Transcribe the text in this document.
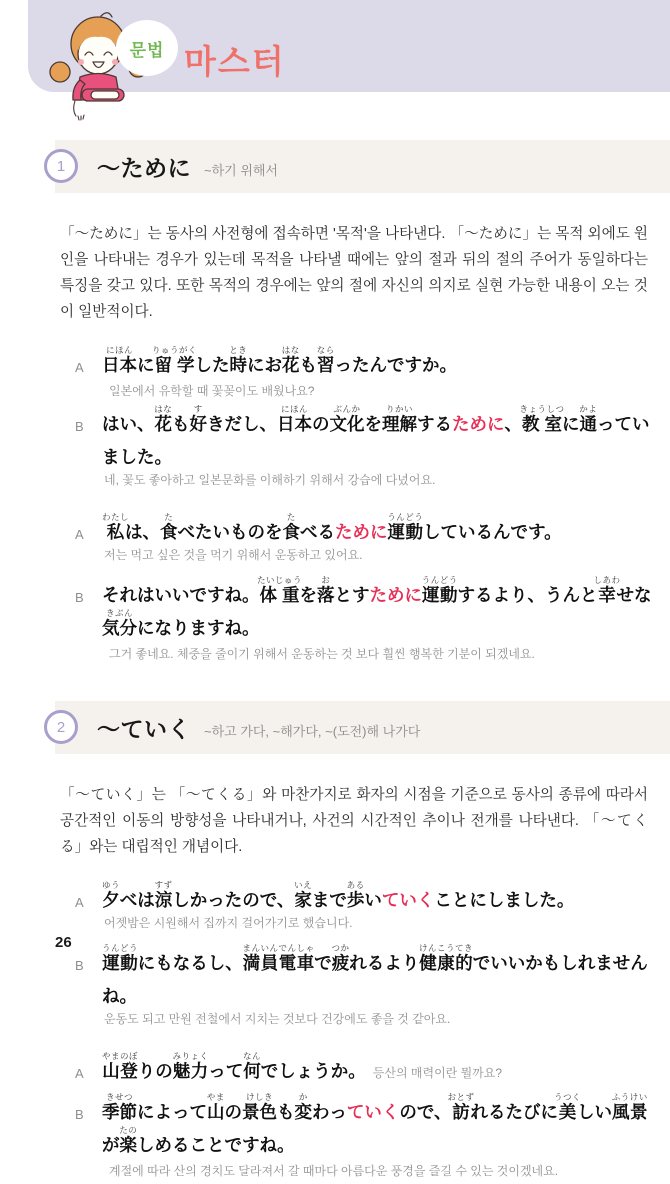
문법 마스터
1	〜ために ~하기 위해서

「〜ために」는 동사의 사전형에 접속하면 '목적'을 나타낸다. 「〜ために」는 목적 외에도 원인을 나타내는 경우가 있는데 목적을 나타낼 때에는 앞의 절과 뒤의 절의 주어가 동일하다는 특징을 갖고 있다. 또한 목적의 경우에는 앞의 절에 자신의 의지로 실현 가능한 내용이 오는 것이 일반적이다.

A	日本にほんに留学りゅうがくした時ときにお花はなも習ならったんですか。일본에서 유학할 때 꽃꽂이도 배웠나요?
B	はい、花はなも好すきだし、日本にほんの文化ぶんかを理解りかいするために、教室きょうしつに通かよっていました。
네, 꽃도 좋아하고 일본문화를 이해하기 위해서 강습에 다녔어요.
A	私わたしは、食たべたいものを食たべるために運動うんどうしているんです。
저는 먹고 싶은 것을 먹기 위해서 운동하고 있어요.
B	それはいいですね。体重たいじゅうを落おとすために運動うんどうするより、うんと幸しあわせな気分きぶんになりますね。그거 좋네요. 체중을 줄이기 위해서 운동하는 것 보다 훨씬 행복한 기분이 되겠네요.
2	〜ていく ~하고 가다, ~해가다, ~(도전)해 나가다

「〜ていく」는 「〜てくる」와 마찬가지로 화자의 시점을 기준으로 동사의 종류에 따라서 공간적인 이동의 방향성을 나타내거나, 사건의 시간적인 추이나 전개를 나타낸다. 「〜てくる」와는 대립적인 개념이다.

A	夕ゆうべは涼すずしかったので、家いえまで歩あるいていくことにしました。
어젯밤은 시원해서 집까지 걸어가기로 했습니다.
B	運動うんどうにもなるし、満員電車まんいんでんしゃで疲つかれるより健康的けんこうてきでいいかもしれませんね。
운동도 되고 만원 전철에서 지치는 것보다 건강에도 좋을 것 같아요.
A	山登やまのぼりの魅力みりょくって何なんでしょうか。 등산의 매력이란 뭘까요?
B	季節きせつによって山やまの景色けしきも変かわっていくので、訪おとずれるたびに美うつくしい風景ふうけいが楽たのしめることですね。계절에 따라 산의 경치도 달라져서 갈 때마다 아름다운 풍경을 즐길 수 있는 것이겠네요.
26
